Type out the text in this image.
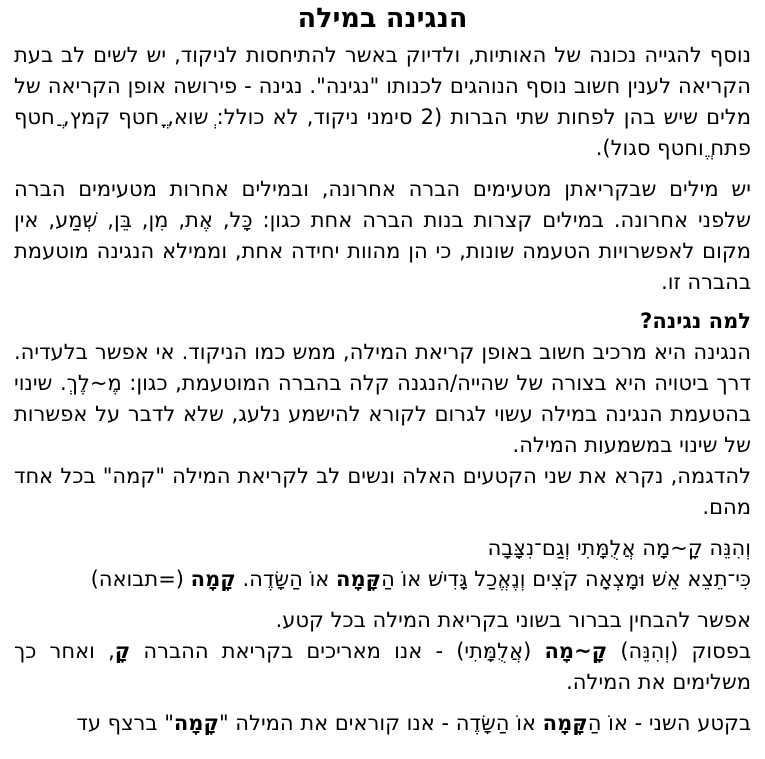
הנגינה במילה

נוסף להגייה נכונה של האותיות, ולדיוק באשר להתיחסות לניקוד, יש לשים לב בעת הקריאה לענין חשוב נוסף הנוהגים לכנותו "נגינה". נגינה - פירושה אופן הקריאה של מלים שיש בהן לפחות שתי הברות (2 סימני ניקוד, לא כולל: ְשוא, ֳחטף קמץ, ֲחטף פתח ֱוחטף סגול).

יש מילים שבקריאתן מטעימים הברה אחרונה, ובמילים אחרות מטעימים הברה שלפני אחרונה. במילים קצרות בנות הברה אחת כגון: כָּל, אֶת, מִן, בֵּן, שְׁמַע, אין מקום לאפשרויות הטעמה שונות, כי הן מהוות יחידה אחת, וממילא הנגינה מוטעמת בהברה זו.

למה נגינה?

הנגינה היא מרכיב חשוב באופן קריאת המילה, ממש כמו הניקוד. אי אפשר בלעדיה. דרך ביטויה היא בצורה של שהייה/הנגנה קלה בהברה המוטעמת, כגון: מֶ~לֶךְ. שינוי בהטעמת הנגינה במילה עשוי לגרום לקורא להישמע נלעג, שלא לדבר על אפשרות של שינוי במשמעות המילה.

להדגמה, נקרא את שני הקטעים האלה ונשים לב לקריאת המילה "קמה" בכל אחד מהם.

וְהִנֵּה קָ~מָה אֲלֻמָּתִי וְגַם־נִצָּבָה

כִּי־תֵצֵא אֵשׁ וּמָצְאָה קֹצִים וְנֶאֱכַל גָּדִישׁ אוֹ הַקָּמָה אוֹ הַשָּׂדֶה. קָמָה (=תבואה)

אפשר להבחין בברור בשוני בקריאת המילה בכל קטע.

בפסוק (וְהִנֵּה) קָ~מָה (אֲלֻמָּתִי) - אנו מאריכים בקריאת ההברה קָ, ואחר כך משלימים את המילה.

בקטע השני - אוֹ הַקָּמָה אוֹ הַשָּׂדֶה - אנו קוראים את המילה "קָמָה" ברצף עד
